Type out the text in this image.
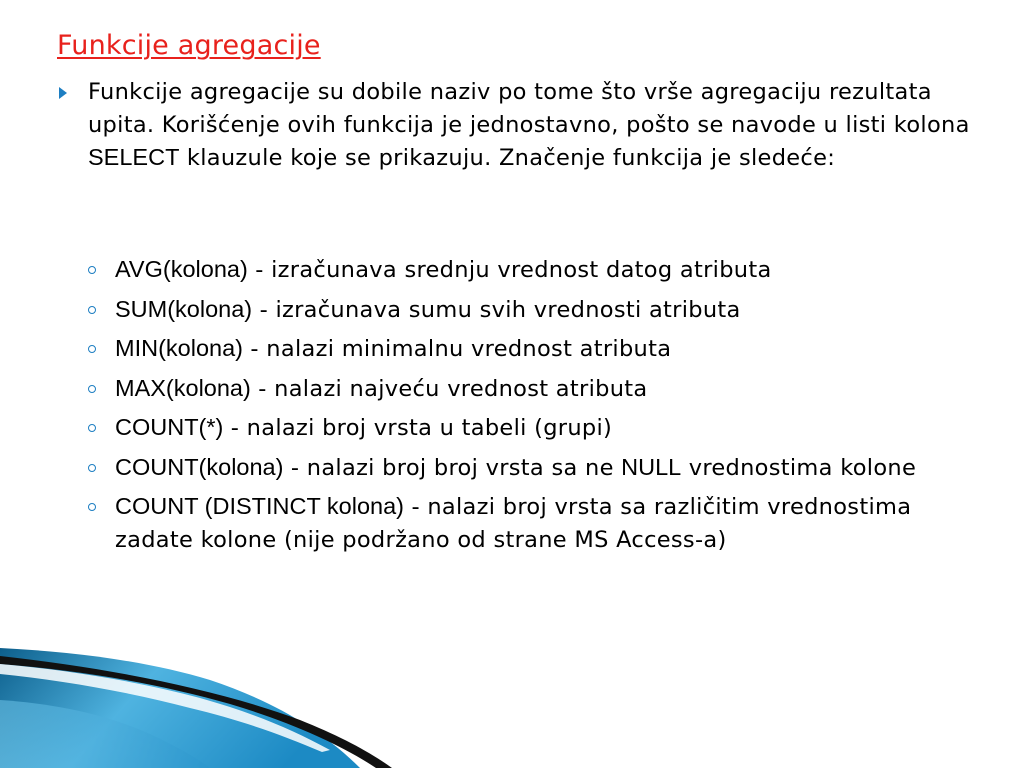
Funkcije agregacije
Funkcije agregacije su dobile naziv po tome što vrše agregaciju rezultata upita. Korišćenje ovih funkcija je jednostavno, pošto se navode u listi kolona SELECT klauzule koje se prikazuju. Značenje funkcija je sledeće:
AVG(kolona) - izračunava srednju vrednost datog atributa
SUM(kolona) - izračunava sumu svih vrednosti atributa
MIN(kolona) - nalazi minimalnu vrednost atributa
MAX(kolona) - nalazi najveću vrednost atributa
COUNT(*) - nalazi broj vrsta u tabeli (grupi)
COUNT(kolona) - nalazi broj broj vrsta sa ne NULL vrednostima kolone
COUNT (DISTINCT kolona) - nalazi broj vrsta sa različitim vrednostima zadate kolone (nije podržano od strane MS Access-a)
